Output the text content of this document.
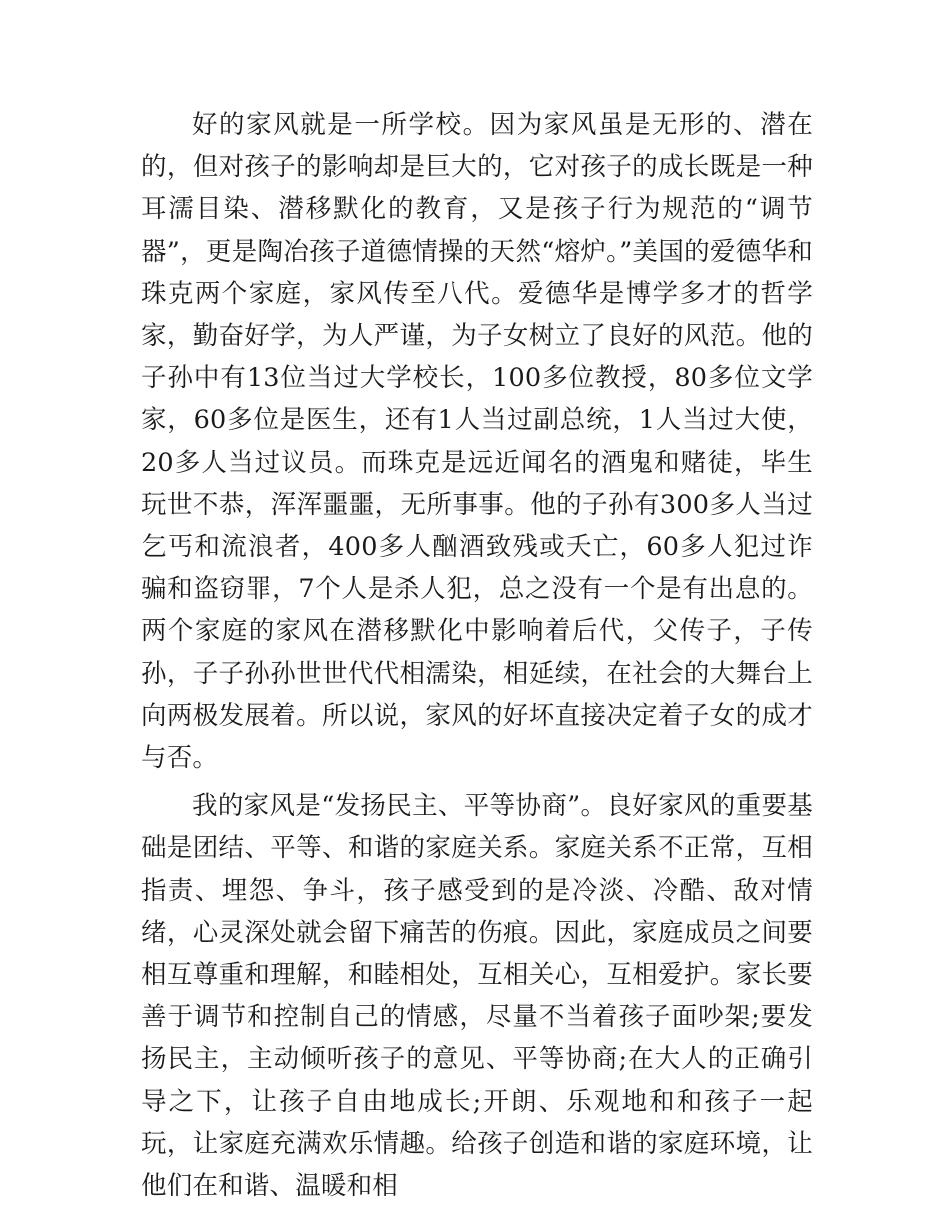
好的家风就是一所学校。因为家风虽是无形的、潜在的，但对孩子的影响却是巨大的，它对孩子的成长既是一种耳濡目染、潜移默化的教育，又是孩子行为规范的“调节器”，更是陶冶孩子道德情操的天然“熔炉。”美国的爱德华和珠克两个家庭，家风传至八代。爱德华是博学多才的哲学家，勤奋好学，为人严谨，为子女树立了良好的风范。他的子孙中有13位当过大学校长，100多位教授，80多位文学家，60多位是医生，还有1人当过副总统，1人当过大使，20多人当过议员。而珠克是远近闻名的酒鬼和赌徒，毕生玩世不恭，浑浑噩噩，无所事事。他的子孙有300多人当过乞丐和流浪者，400多人酗酒致残或夭亡，60多人犯过诈骗和盗窃罪，7个人是杀人犯，总之没有一个是有出息的。两个家庭的家风在潜移默化中影响着后代，父传子，子传孙，子子孙孙世世代代相濡染，相延续，在社会的大舞台上向两极发展着。所以说，家风的好坏直接决定着子女的成才与否。

我的家风是“发扬民主、平等协商”。良好家风的重要基础是团结、平等、和谐的家庭关系。家庭关系不正常，互相指责、埋怨、争斗，孩子感受到的是冷淡、冷酷、敌对情绪，心灵深处就会留下痛苦的伤痕。因此，家庭成员之间要相互尊重和理解，和睦相处，互相关心，互相爱护。家长要善于调节和控制自己的情感，尽量不当着孩子面吵架;要发扬民主，主动倾听孩子的意见、平等协商;在大人的正确引导之下，让孩子自由地成长;开朗、乐观地和和孩子一起玩，让家庭充满欢乐情趣。给孩子创造和谐的家庭环境，让他们在和谐、温暖和相
